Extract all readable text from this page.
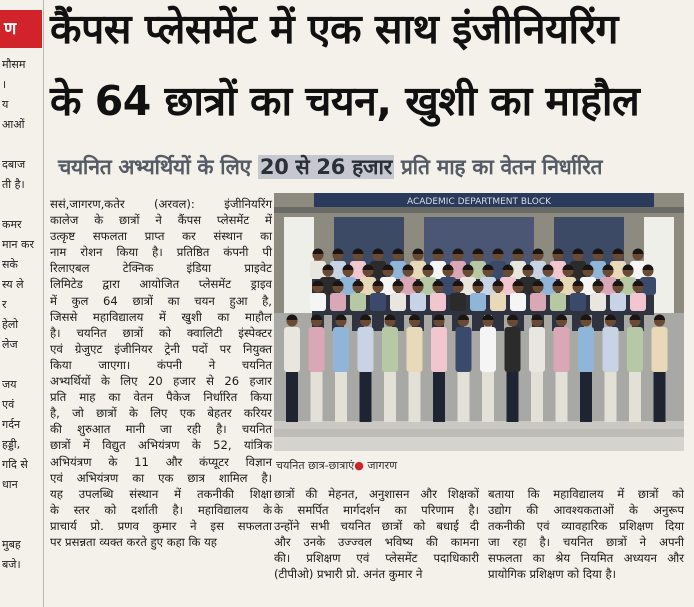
ण
मौसम
।
य
आओं
दबाज
ती है।
कमर
मान कर
सके
स्य ले
र
हेलो
लेज
जय
एवं
गर्दन
हड्डी,
गदि से
धान
मुबह
बजे।
कैंपस प्लेसमेंट में एक साथ इंजीनियरिंग
के 64 छात्रों का चयन, खुशी का माहौल
चयनित अभ्यर्थियों के लिए 20 से 26 हजार प्रति माह का वेतन निर्धारित
ससं,जागरण,कतेर (अरवल): इंजीनियरिंग
कालेज के छात्रों ने कैंपस प्लेसमेंट में
उत्कृष्ट सफलता प्राप्त कर संस्थान का
नाम रोशन किया है। प्रतिष्ठित कंपनी पी
रिलाएबल टेक्निक इंडिया प्राइवेट
लिमिटेड द्वारा आयोजित प्लेसमेंट ड्राइव
में कुल 64 छात्रों का चयन हुआ है,
जिससे महाविद्यालय में खुशी का माहौल
है। चयनित छात्रों को क्वालिटी इंस्पेक्टर
एवं ग्रेजुएट इंजीनियर ट्रेनी पदों पर नियुक्त
किया जाएगा। कंपनी ने चयनित
अभ्यर्थियों के लिए 20 हजार से 26 हजार
प्रति माह का वेतन पैकेज निर्धारित किया
है, जो छात्रों के लिए एक बेहतर करियर
की शुरुआत मानी जा रही है। चयनित
छात्रों में विद्युत अभियंत्रण के 52, यांत्रिक
अभियंत्रण के 11 और कंप्यूटर विज्ञान
एवं अभियंत्रण का एक छात्र शामिल है।
यह उपलब्धि संस्थान में तकनीकी शिक्षा
के स्तर को दर्शाती है। महाविद्यालय के
प्राचार्य प्रो. प्रणव कुमार ने इस सफलता
पर प्रसन्नता व्यक्त करते हुए कहा कि यह
ACADEMIC DEPARTMENT BLOCK
चयनित छात्र-छात्राएं● जागरण
छात्रों की मेहनत, अनुशासन और शिक्षकों
के समर्पित मार्गदर्शन का परिणाम है।
उन्होंने सभी चयनित छात्रों को बधाई दी
और उनके उज्ज्वल भविष्य की कामना
की। प्रशिक्षण एवं प्लेसमेंट पदाधिकारी
(टीपीओ) प्रभारी प्रो. अनंत कुमार ने
बताया कि महाविद्यालय में छात्रों को
उद्योग की आवश्यकताओं के अनुरूप
तकनीकी एवं व्यावहारिक प्रशिक्षण दिया
जा रहा है। चयनित छात्रों ने अपनी
सफलता का श्रेय नियमित अध्ययन और
प्रायोगिक प्रशिक्षण को दिया है।
